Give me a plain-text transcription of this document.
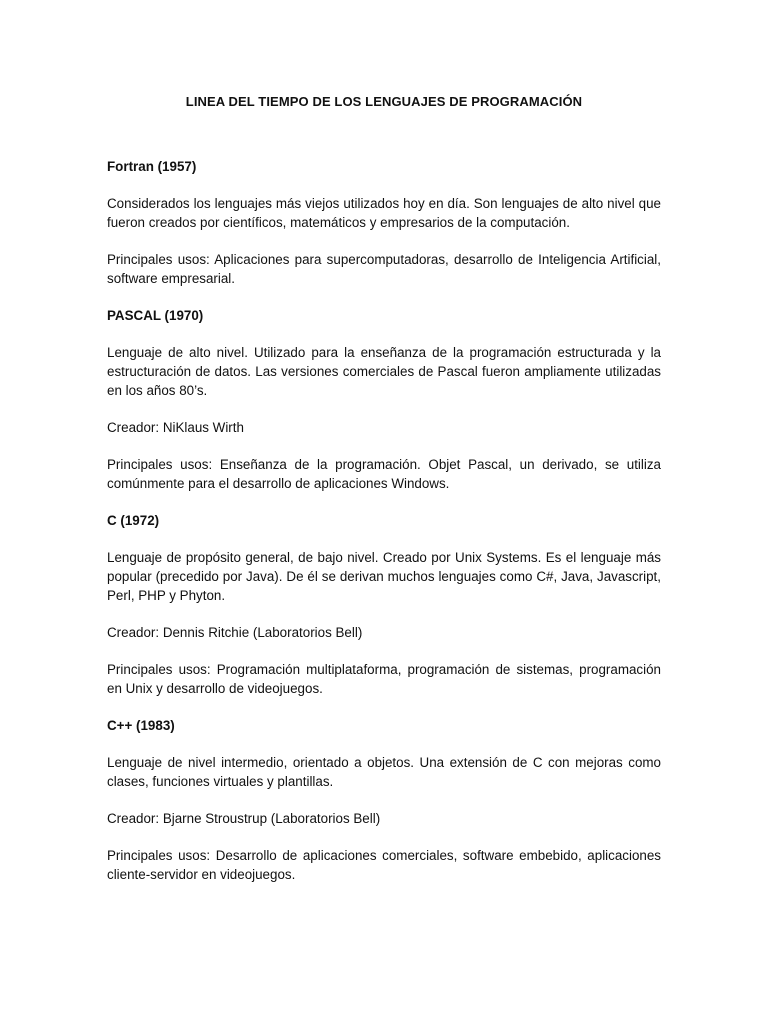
LINEA DEL TIEMPO DE LOS LENGUAJES DE PROGRAMACIÓN
Fortran (1957)
Considerados los lenguajes más viejos utilizados hoy en día. Son lenguajes de alto nivel que fueron creados por científicos, matemáticos y empresarios de la computación.
Principales usos: Aplicaciones para supercomputadoras, desarrollo de Inteligencia Artificial, software empresarial.
PASCAL (1970)
Lenguaje de alto nivel. Utilizado para la enseñanza de la programación estructurada y la estructuración de datos. Las versiones comerciales de Pascal fueron ampliamente utilizadas en los años 80’s.
Creador: NiKlaus Wirth
Principales usos: Enseñanza de la programación. Objet Pascal, un derivado, se utiliza comúnmente para el desarrollo de aplicaciones Windows.
C (1972)
Lenguaje de propósito general, de bajo nivel. Creado por Unix Systems. Es el lenguaje más popular (precedido por Java). De él se derivan muchos lenguajes como C#, Java, Javascript, Perl, PHP y Phyton.
Creador: Dennis Ritchie (Laboratorios Bell)
Principales usos: Programación multiplataforma, programación de sistemas, programación en Unix y desarrollo de videojuegos.
C++ (1983)
Lenguaje de nivel intermedio, orientado a objetos. Una extensión de C con mejoras como clases, funciones virtuales y plantillas.
Creador: Bjarne Stroustrup (Laboratorios Bell)
Principales usos: Desarrollo de aplicaciones comerciales, software embebido, aplicaciones cliente-servidor en videojuegos.
